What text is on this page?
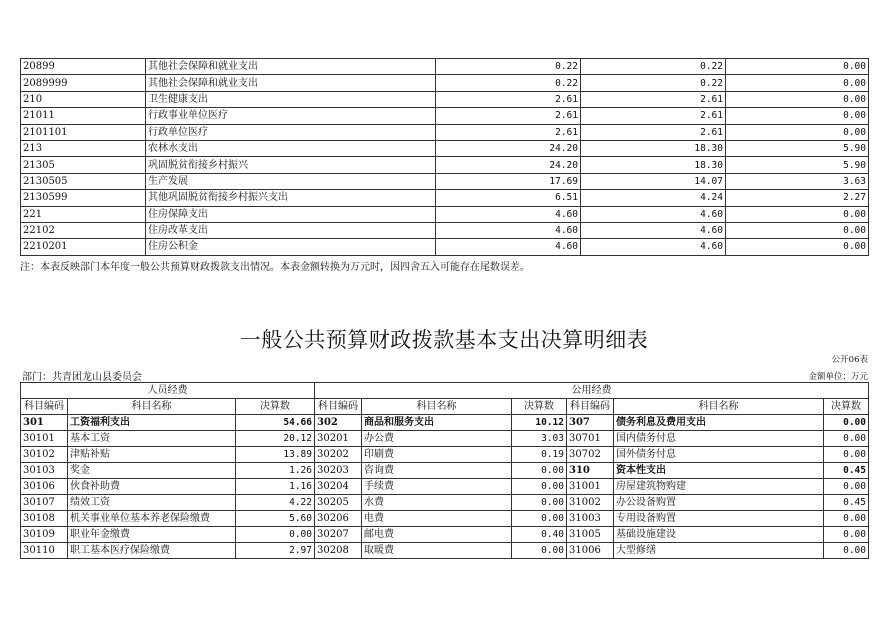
20899	其他社会保障和就业支出	0.22	0.22	0.00
2089999	其他社会保障和就业支出	0.22	0.22	0.00
210	卫生健康支出	2.61	2.61	0.00
21011	行政事业单位医疗	2.61	2.61	0.00
2101101	行政单位医疗	2.61	2.61	0.00
213	农林水支出	24.20	18.30	5.90
21305	巩固脱贫衔接乡村振兴	24.20	18.30	5.90
2130505	生产发展	17.69	14.07	3.63
2130599	其他巩固脱贫衔接乡村振兴支出	6.51	4.24	2.27
221	住房保障支出	4.60	4.60	0.00
22102	住房改革支出	4.60	4.60	0.00
2210201	住房公积金	4.60	4.60	0.00
注：本表反映部门本年度一般公共预算财政拨款支出情况。本表金额转换为万元时，因四舍五入可能存在尾数误差。
一般公共预算财政拨款基本支出决算明细表
公开06表
部门：共青团龙山县委员会	金额单位：万元
人员经费			公用经费					
科目编码	科目名称	决算数	科目编码	科目名称	决算数	科目编码	科目名称	决算数
301	工资福利支出	54.66	302	商品和服务支出	10.12	307	债务利息及费用支出	0.00
30101	基本工资	20.12	30201	办公费	3.03	30701	国内债务付息	0.00
30102	津贴补贴	13.89	30202	印刷费	0.19	30702	国外债务付息	0.00
30103	奖金	1.26	30203	咨询费	0.00	310	资本性支出	0.45
30106	伙食补助费	1.16	30204	手续费	0.00	31001	房屋建筑物购建	0.00
30107	绩效工资	4.22	30205	水费	0.00	31002	办公设备购置	0.45
30108	机关事业单位基本养老保险缴费	5.60	30206	电费	0.00	31003	专用设备购置	0.00
30109	职业年金缴费	0.00	30207	邮电费	0.40	31005	基础设施建设	0.00
30110	职工基本医疗保险缴费	2.97	30208	取暖费	0.00	31006	大型修缮	0.00
